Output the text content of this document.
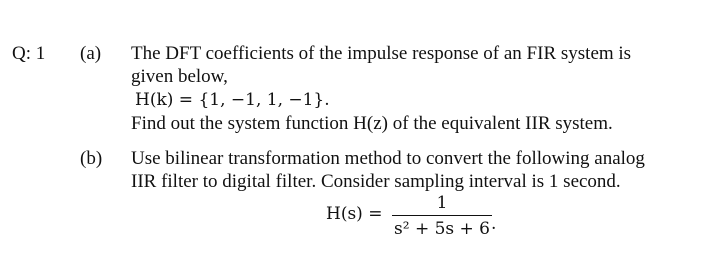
Q: 1 (a) The DFT coefficients of the impulse response of an FIR system is
given below,
H(k) = {1, −1, 1, −1}.
Find out the system function H(z) of the equivalent IIR system.
(b) Use bilinear transformation method to convert the following analog
IIR filter to digital filter. Consider sampling interval is 1 second.
H(s) =
1
s² + 5s + 6 .
